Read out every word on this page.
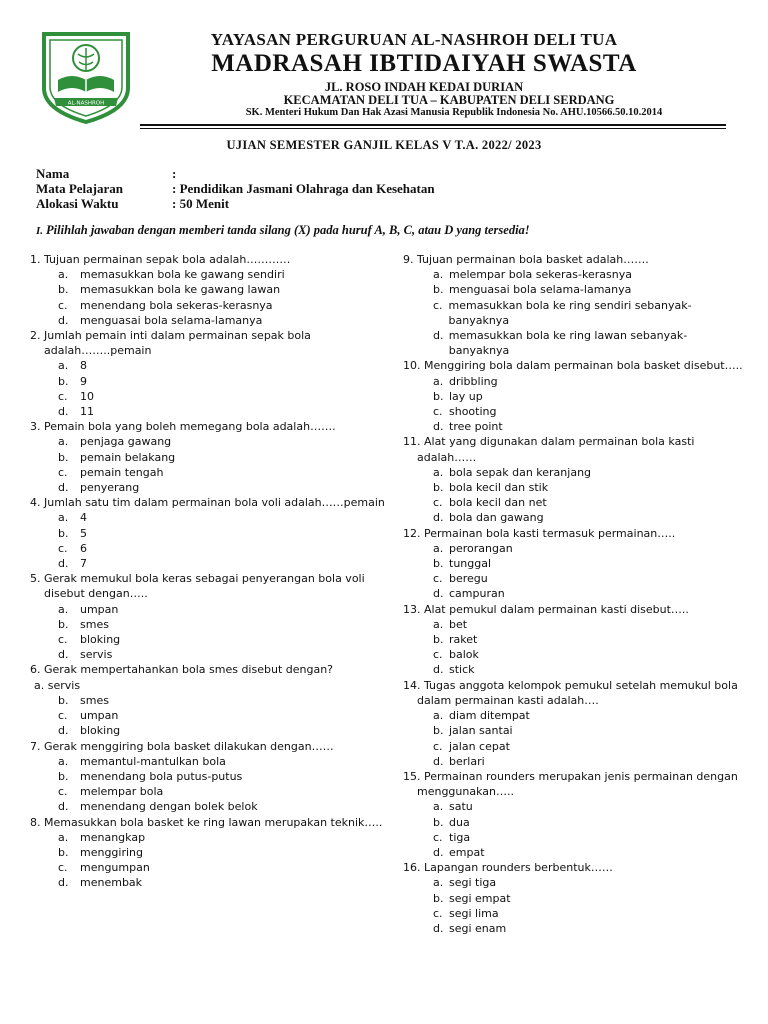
AL-NASHROH
YAYASAN PERGURUAN AL-NASHROH DELI TUA
MADRASAH IBTIDAIYAH SWASTA
JL. ROSO INDAH KEDAI DURIAN
KECAMATAN DELI TUA – KABUPATEN DELI SERDANG
SK. Menteri Hukum Dan Hak Azasi Manusia Republik Indonesia No. AHU.10566.50.10.2014
UJIAN SEMESTER GANJIL KELAS V T.A. 2022/ 2023
Nama	:
Mata Pelajaran	: Pendidikan Jasmani Olahraga dan Kesehatan
Alokasi Waktu	: 50 Menit
I. Pilihlah jawaban dengan memberi tanda silang (X) pada huruf A, B, C, atau D yang tersedia!
1. Tujuan permainan sepak bola adalah…………
a.	memasukkan bola ke gawang sendiri
b.	memasukkan bola ke gawang lawan
c.	menendang bola sekeras-kerasnya
d.	menguasai bola selama-lamanya
2. Jumlah pemain inti dalam permainan sepak bola adalah……..pemain
a.	8
b.	9
c.	10
d.	11
3. Pemain bola yang boleh memegang bola adalah…….
a.	penjaga gawang
b.	pemain belakang
c.	pemain tengah
d.	penyerang
4. Jumlah satu tim dalam permainan bola voli adalah……pemain
a.	4
b.	5
c.	6
d.	7
5. Gerak memukul bola keras sebagai penyerangan bola voli disebut dengan…..
a.	umpan
b.	smes
c.	bloking
d.	servis
6. Gerak mempertahankan bola smes disebut dengan?
a. servis
b.	smes
c.	umpan
d.	bloking
7. Gerak menggiring bola basket dilakukan dengan……
a.	memantul-mantulkan bola
b.	menendang bola putus-putus
c.	melempar bola
d.	menendang dengan bolek belok
8. Memasukkan bola basket ke ring lawan merupakan teknik…..
a.	menangkap
b.	menggiring
c.	mengumpan
d.	menembak
9. Tujuan permainan bola basket adalah…….
a. melempar bola sekeras-kerasnya
b. menguasai bola selama-lamanya
c. memasukkan bola ke ring sendiri sebanyak-banyaknya
d. memasukkan bola ke ring lawan sebanyak-banyaknya
10. Menggiring bola dalam permainan bola basket disebut…..
a. dribbling
b. lay up
c. shooting
d. tree point
11. Alat yang digunakan dalam permainan bola kasti adalah……
a. bola sepak dan keranjang
b. bola kecil dan stik
c. bola kecil dan net
d. bola dan gawang
12. Permainan bola kasti termasuk permainan…..
a. perorangan
b. tunggal
c. beregu
d. campuran
13. Alat pemukul dalam permainan kasti disebut…..
a. bet
b. raket
c. balok
d. stick
14. Tugas anggota kelompok pemukul setelah memukul bola dalam permainan kasti adalah….
a. diam ditempat
b. jalan santai
c. jalan cepat
d. berlari
15. Permainan rounders merupakan jenis permainan dengan menggunakan…..
a. satu
b. dua
c. tiga
d. empat
16. Lapangan rounders berbentuk……
a. segi tiga
b. segi empat
c. segi lima
d. segi enam
